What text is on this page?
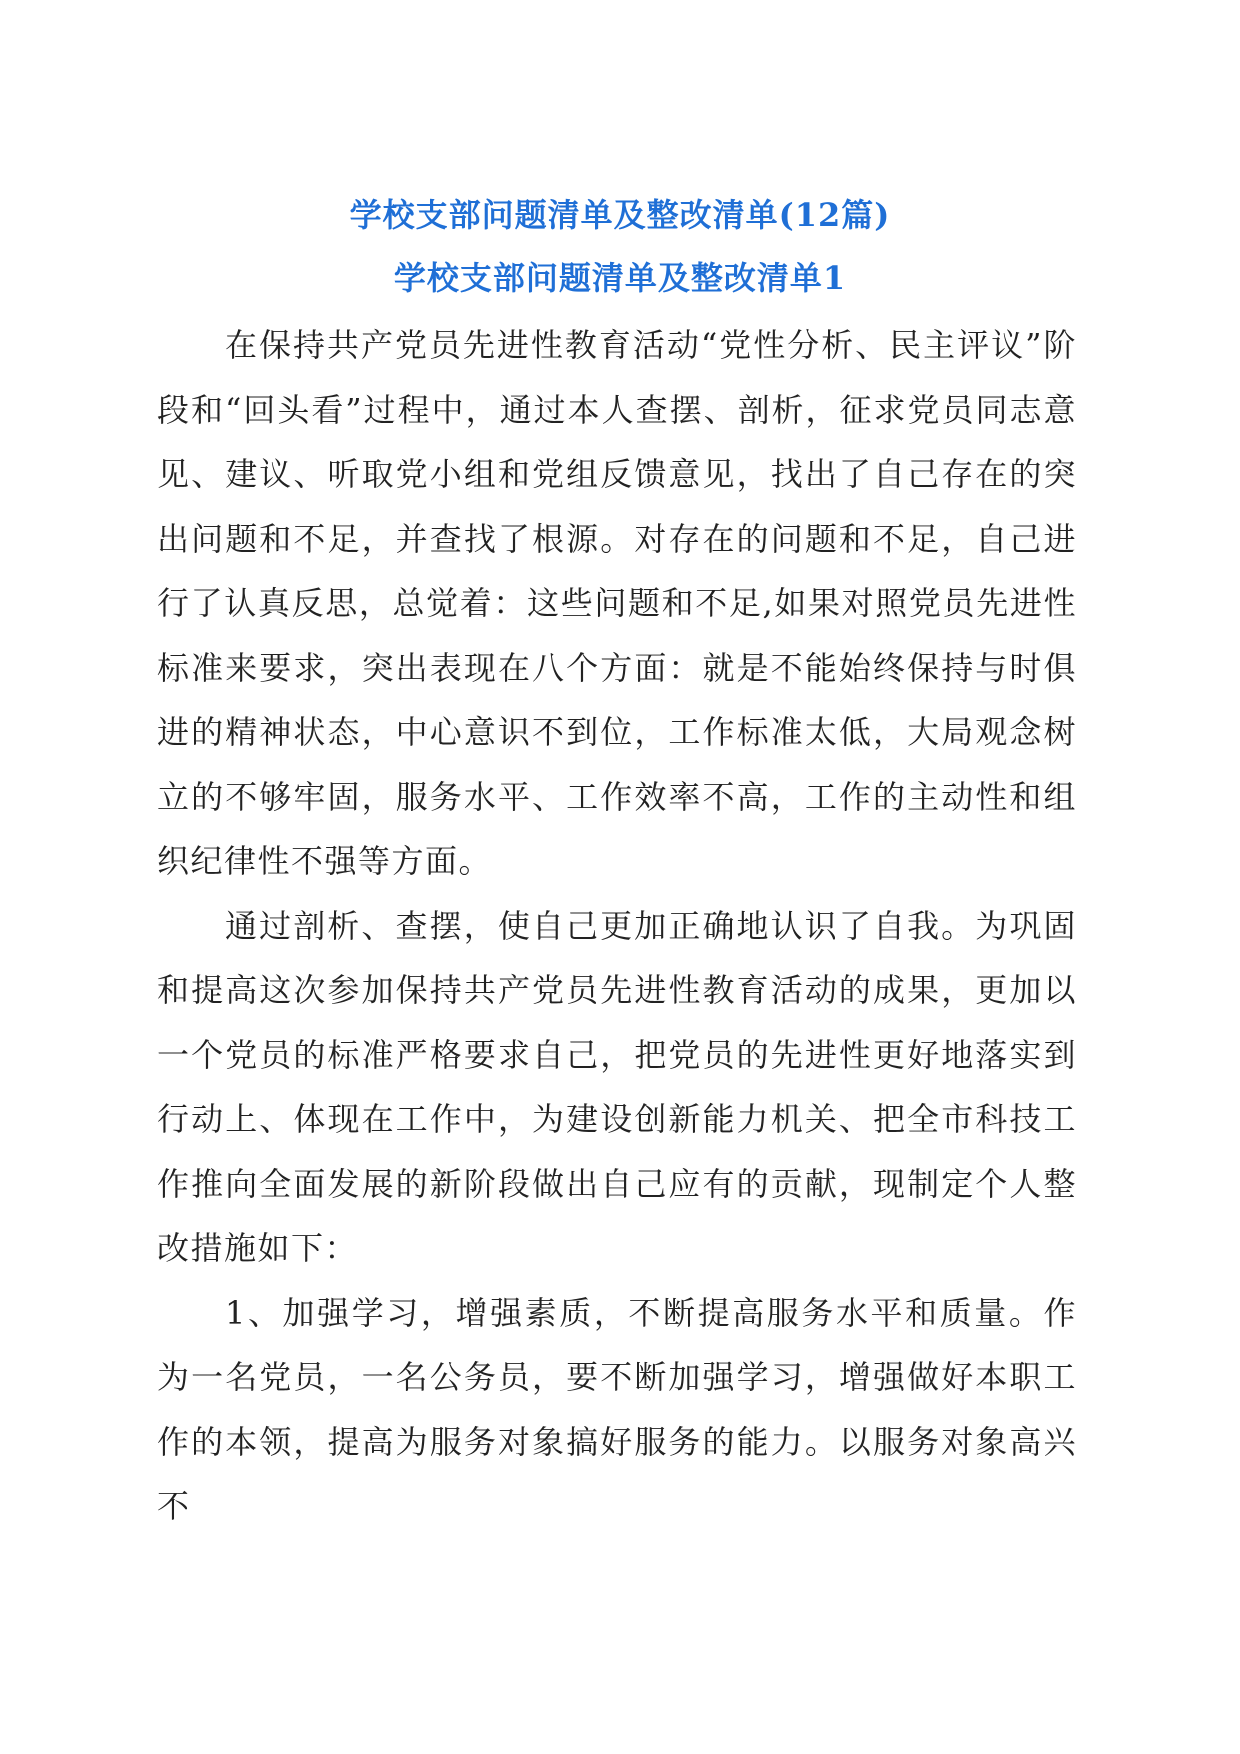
学校支部问题清单及整改清单(12篇)
学校支部问题清单及整改清单1

在保持共产党员先进性教育活动“党性分析、民主评议”阶段和“回头看”过程中，通过本人查摆、剖析，征求党员同志意见、建议、听取党小组和党组反馈意见，找出了自己存在的突出问题和不足，并查找了根源。对存在的问题和不足，自己进行了认真反思，总觉着：这些问题和不足,如果对照党员先进性标准来要求，突出表现在八个方面：就是不能始终保持与时俱进的精神状态，中心意识不到位，工作标准太低，大局观念树立的不够牢固，服务水平、工作效率不高，工作的主动性和组织纪律性不强等方面。

通过剖析、查摆，使自己更加正确地认识了自我。为巩固和提高这次参加保持共产党员先进性教育活动的成果，更加以一个党员的标准严格要求自己，把党员的先进性更好地落实到行动上、体现在工作中，为建设创新能力机关、把全市科技工作推向全面发展的新阶段做出自己应有的贡献，现制定个人整改措施如下：

1、加强学习，增强素质，不断提高服务水平和质量。作为一名党员，一名公务员，要不断加强学习，增强做好本职工作的本领，提高为服务对象搞好服务的能力。以服务对象高兴不
